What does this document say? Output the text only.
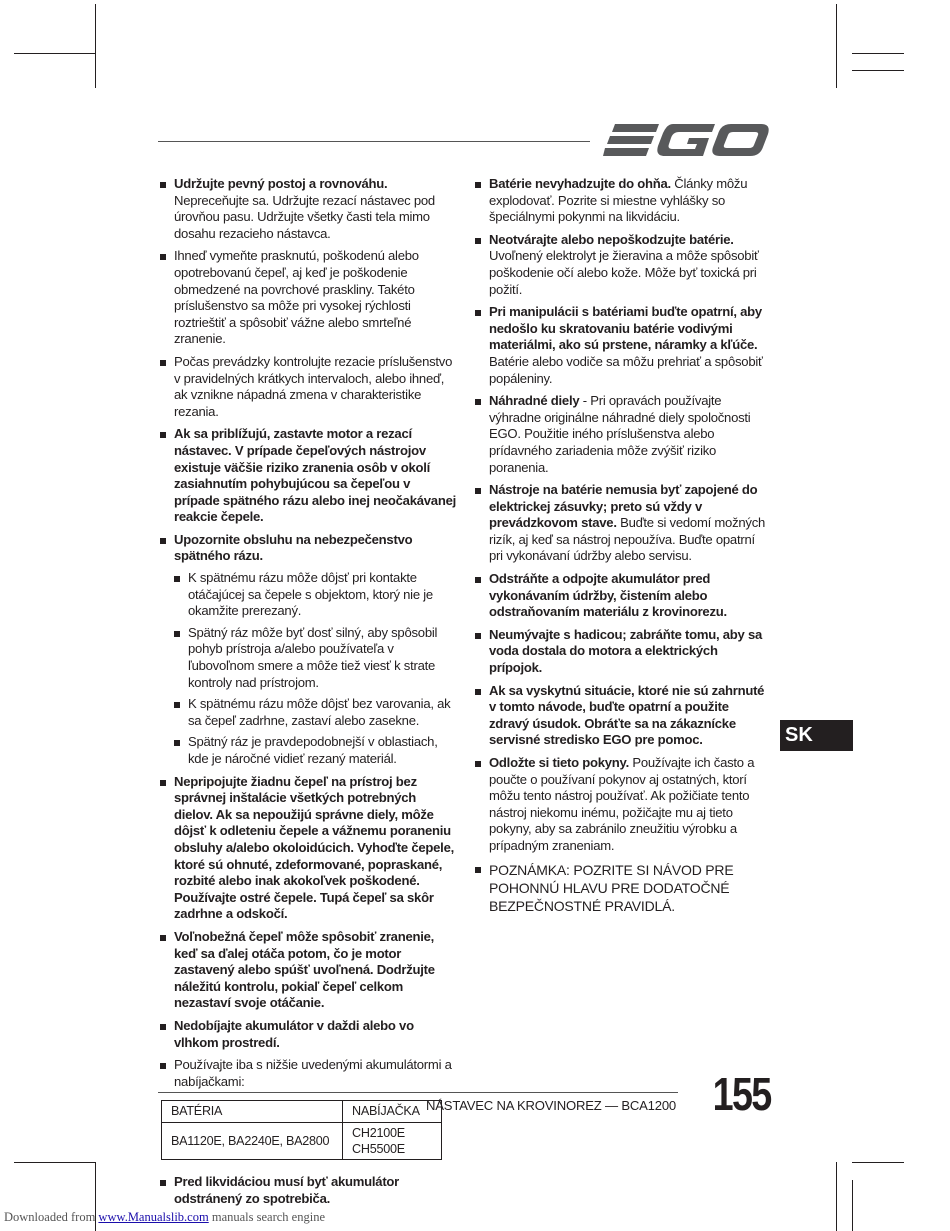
Udržujte pevný postoj a rovnováhu. Nepreceňujte sa. Udržujte rezací nástavec pod úrovňou pasu. Udržujte všetky časti tela mimo dosahu rezacieho nástavca.
Ihneď vymeňte prasknutú, poškodenú alebo opotrebovanú čepeľ, aj keď je poškodenie obmedzené na povrchové praskliny. Takéto príslušenstvo sa môže pri vysokej rýchlosti roztrieštiť a spôsobiť vážne alebo smrteľné zranenie.
Počas prevádzky kontrolujte rezacie príslušenstvo v pravidelných krátkych intervaloch, alebo ihneď, ak vznikne nápadná zmena v charakteristike rezania.
Ak sa priblížujú, zastavte motor a rezací nástavec. V prípade čepeľových nástrojov existuje väčšie riziko zranenia osôb v okolí zasiahnutím pohybujúcou sa čepeľou v prípade spätného rázu alebo inej neočakávanej reakcie čepele.
Upozornite obsluhu na nebezpečenstvo spätného rázu.
K spätnému rázu môže dôjsť pri kontakte otáčajúcej sa čepele s objektom, ktorý nie je okamžite prerezaný.
Spätný ráz môže byť dosť silný, aby spôsobil pohyb prístroja a/alebo používateľa v ľubovoľnom smere a môže tiež viesť k strate kontroly nad prístrojom.
K spätnému rázu môže dôjsť bez varovania, ak sa čepeľ zadrhne, zastaví alebo zasekne.
Spätný ráz je pravdepodobnejší v oblastiach, kde je náročné vidieť rezaný materiál.
Nepripojujte žiadnu čepeľ na prístroj bez správnej inštalácie všetkých potrebných dielov. Ak sa nepoužijú správne diely, môže dôjsť k odleteniu čepele a vážnemu poraneniu obsluhy a/alebo okoloidúcich. Vyhoďte čepele, ktoré sú ohnuté, zdeformované, popraskané, rozbité alebo inak akokoľvek poškodené. Používajte ostré čepele. Tupá čepeľ sa skôr zadrhne a odskočí.
Voľnobežná čepeľ môže spôsobiť zranenie, keď sa ďalej otáča potom, čo je motor zastavený alebo spúšť uvoľnená. Dodržujte náležitú kontrolu, pokiaľ čepeľ celkom nezastaví svoje otáčanie.
Nedobíjajte akumulátor v daždi alebo vo vlhkom prostredí.
Používajte iba s nižšie uvedenými akumulátormi a nabíjačkami:
BATÉRIA	NABÍJAČKA
BA1120E, BA2240E, BA2800	CH2100E
CH5500E
Pred likvidáciou musí byť akumulátor odstránený zo spotrebiča.
Batérie nevyhadzujte do ohňa. Články môžu explodovať. Pozrite si miestne vyhlášky so špeciálnymi pokynmi na likvidáciu.
Neotvárajte alebo nepoškodzujte batérie. Uvoľnený elektrolyt je žieravina a môže spôsobiť poškodenie očí alebo kože. Môže byť toxická pri požití.
Pri manipulácii s batériami buďte opatrní, aby nedošlo ku skratovaniu batérie vodivými materiálmi, ako sú prstene, náramky a kľúče. Batérie alebo vodiče sa môžu prehriať a spôsobiť popáleniny.
Náhradné diely - Pri opravách používajte výhradne originálne náhradné diely spoločnosti EGO. Použitie iného príslušenstva alebo prídavného zariadenia môže zvýšiť riziko poranenia.
Nástroje na batérie nemusia byť zapojené do elektrickej zásuvky; preto sú vždy v prevádzkovom stave. Buďte si vedomí možných rizík, aj keď sa nástroj nepoužíva. Buďte opatrní pri vykonávaní údržby alebo servisu.
Odstráňte a odpojte akumulátor pred vykonávaním údržby, čistením alebo odstraňovaním materiálu z krovinorezu.
Neumývajte s hadicou; zabráňte tomu, aby sa voda dostala do motora a elektrických prípojok.
Ak sa vyskytnú situácie, ktoré nie sú zahrnuté v tomto návode, buďte opatrní a použite zdravý úsudok. Obráťte sa na zákaznícke servisné stredisko EGO pre pomoc.
Odložte si tieto pokyny. Používajte ich často a poučte o používaní pokynov aj ostatných, ktorí môžu tento nástroj používať. Ak požičiate tento nástroj niekomu inému, požičajte mu aj tieto pokyny, aby sa zabránilo zneužitiu výrobku a prípadným zraneniam.
POZNÁMKA: POZRITE SI NÁVOD PRE POHONNÚ HLAVU PRE DODATOČNÉ BEZPEČNOSTNÉ PRAVIDLÁ.
SK
NÁSTAVEC NA KROVINOREZ — BCA1200 155
Downloaded from www.Manualslib.com manuals search engine
